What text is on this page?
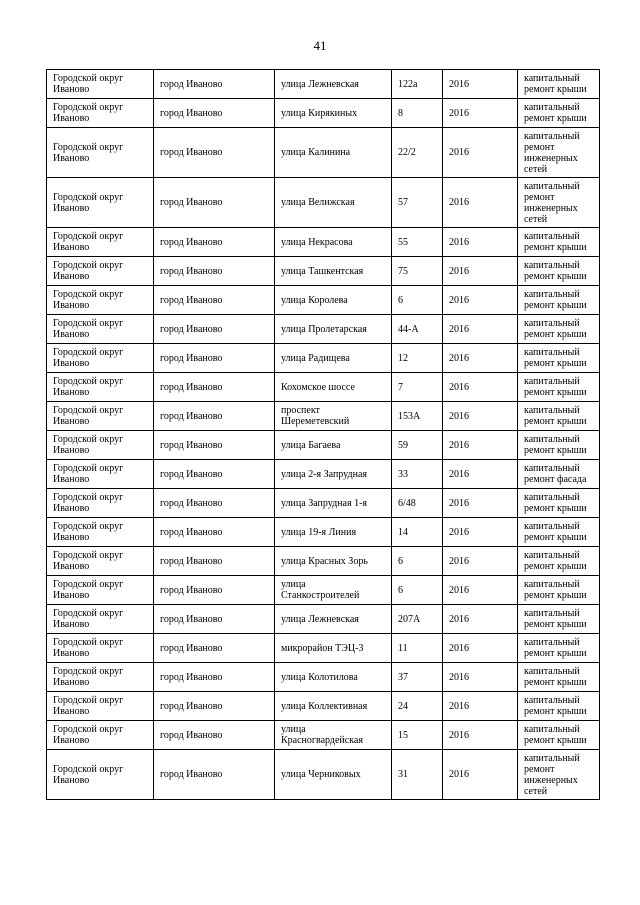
41
Городской округ Иваново	город Иваново	улица Лежневская	122а	2016	капитальный ремонт крыши
Городской округ Иваново	город Иваново	улица Кирякиных	8	2016	капитальный ремонт крыши
Городской округ Иваново	город Иваново	улица Калинина	22/2	2016	капитальный ремонт инженерных сетей
Городской округ Иваново	город Иваново	улица Велижская	57	2016	капитальный ремонт инженерных сетей
Городской округ Иваново	город Иваново	улица Некрасова	55	2016	капитальный ремонт крыши
Городской округ Иваново	город Иваново	улица Ташкентская	75	2016	капитальный ремонт крыши
Городской округ Иваново	город Иваново	улица Королева	6	2016	капитальный ремонт крыши
Городской округ Иваново	город Иваново	улица Пролетарская	44-А	2016	капитальный ремонт крыши
Городской округ Иваново	город Иваново	улица Радищева	12	2016	капитальный ремонт крыши
Городской округ Иваново	город Иваново	Кохомское шоссе	7	2016	капитальный ремонт крыши
Городской округ Иваново	город Иваново	проспект Шереметевский	153А	2016	капитальный ремонт крыши
Городской округ Иваново	город Иваново	улица Багаева	59	2016	капитальный ремонт крыши
Городской округ Иваново	город Иваново	улица 2-я Запрудная	33	2016	капитальный ремонт фасада
Городской округ Иваново	город Иваново	улица Запрудная 1-я	6/48	2016	капитальный ремонт крыши
Городской округ Иваново	город Иваново	улица 19-я Линия	14	2016	капитальный ремонт крыши
Городской округ Иваново	город Иваново	улица Красных Зорь	6	2016	капитальный ремонт крыши
Городской округ Иваново	город Иваново	улица Станкостроителей	6	2016	капитальный ремонт крыши
Городской округ Иваново	город Иваново	улица Лежневская	207А	2016	капитальный ремонт крыши
Городской округ Иваново	город Иваново	микрорайон ТЭЦ-3	11	2016	капитальный ремонт крыши
Городской округ Иваново	город Иваново	улица Колотилова	37	2016	капитальный ремонт крыши
Городской округ Иваново	город Иваново	улица Коллективная	24	2016	капитальный ремонт крыши
Городской округ Иваново	город Иваново	улица Красногвардейская	15	2016	капитальный ремонт крыши
Городской округ Иваново	город Иваново	улица Черниковых	31	2016	капитальный ремонт инженерных сетей
